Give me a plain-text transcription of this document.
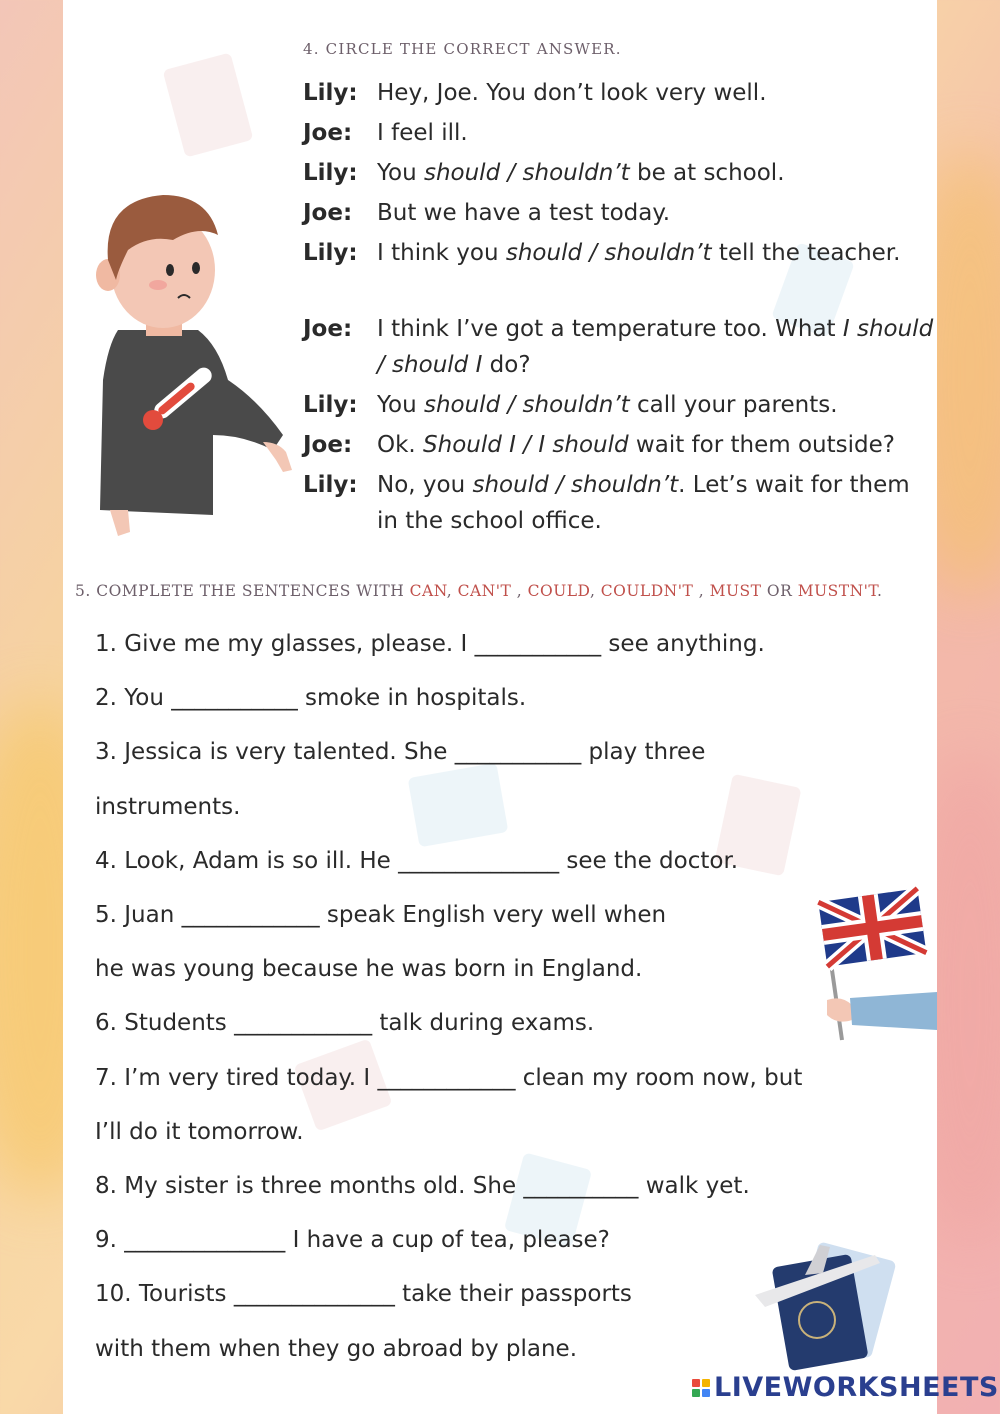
4. CIRCLE THE CORRECT ANSWER.
Lily: Hey, Joe. You don’t look very well.
Joe: I feel ill.
Lily: You should / shouldn’t be at school.
Joe: But we have a test today.
Lily: I think you should / shouldn’t tell the teacher.
Joe: I think I’ve got a temperature too. What I should / should I do?
Lily: You should / shouldn’t call your parents.
Joe: Ok. Should I / I should wait for them outside?
Lily: No, you should / shouldn’t. Let’s wait for them in the school office.
5. COMPLETE THE SENTENCES WITH CAN, CAN'T , COULD, COULDN'T , MUST OR MUSTN'T.
1. Give me my glasses, please. I ___________ see anything.
2. You ___________ smoke in hospitals.
3. Jessica is very talented. She ___________ play three
instruments.
4. Look, Adam is so ill. He ______________ see the doctor.
5. Juan ____________ speak English very well when
he was young because he was born in England.
6. Students ____________ talk during exams.
7. I’m very tired today. I ____________ clean my room now, but
I’ll do it tomorrow.
8. My sister is three months old. She __________ walk yet.
9. ______________ I have a cup of tea, please?
10. Tourists ______________ take their passports
with them when they go abroad by plane.
LIVEWORKSHEETS
